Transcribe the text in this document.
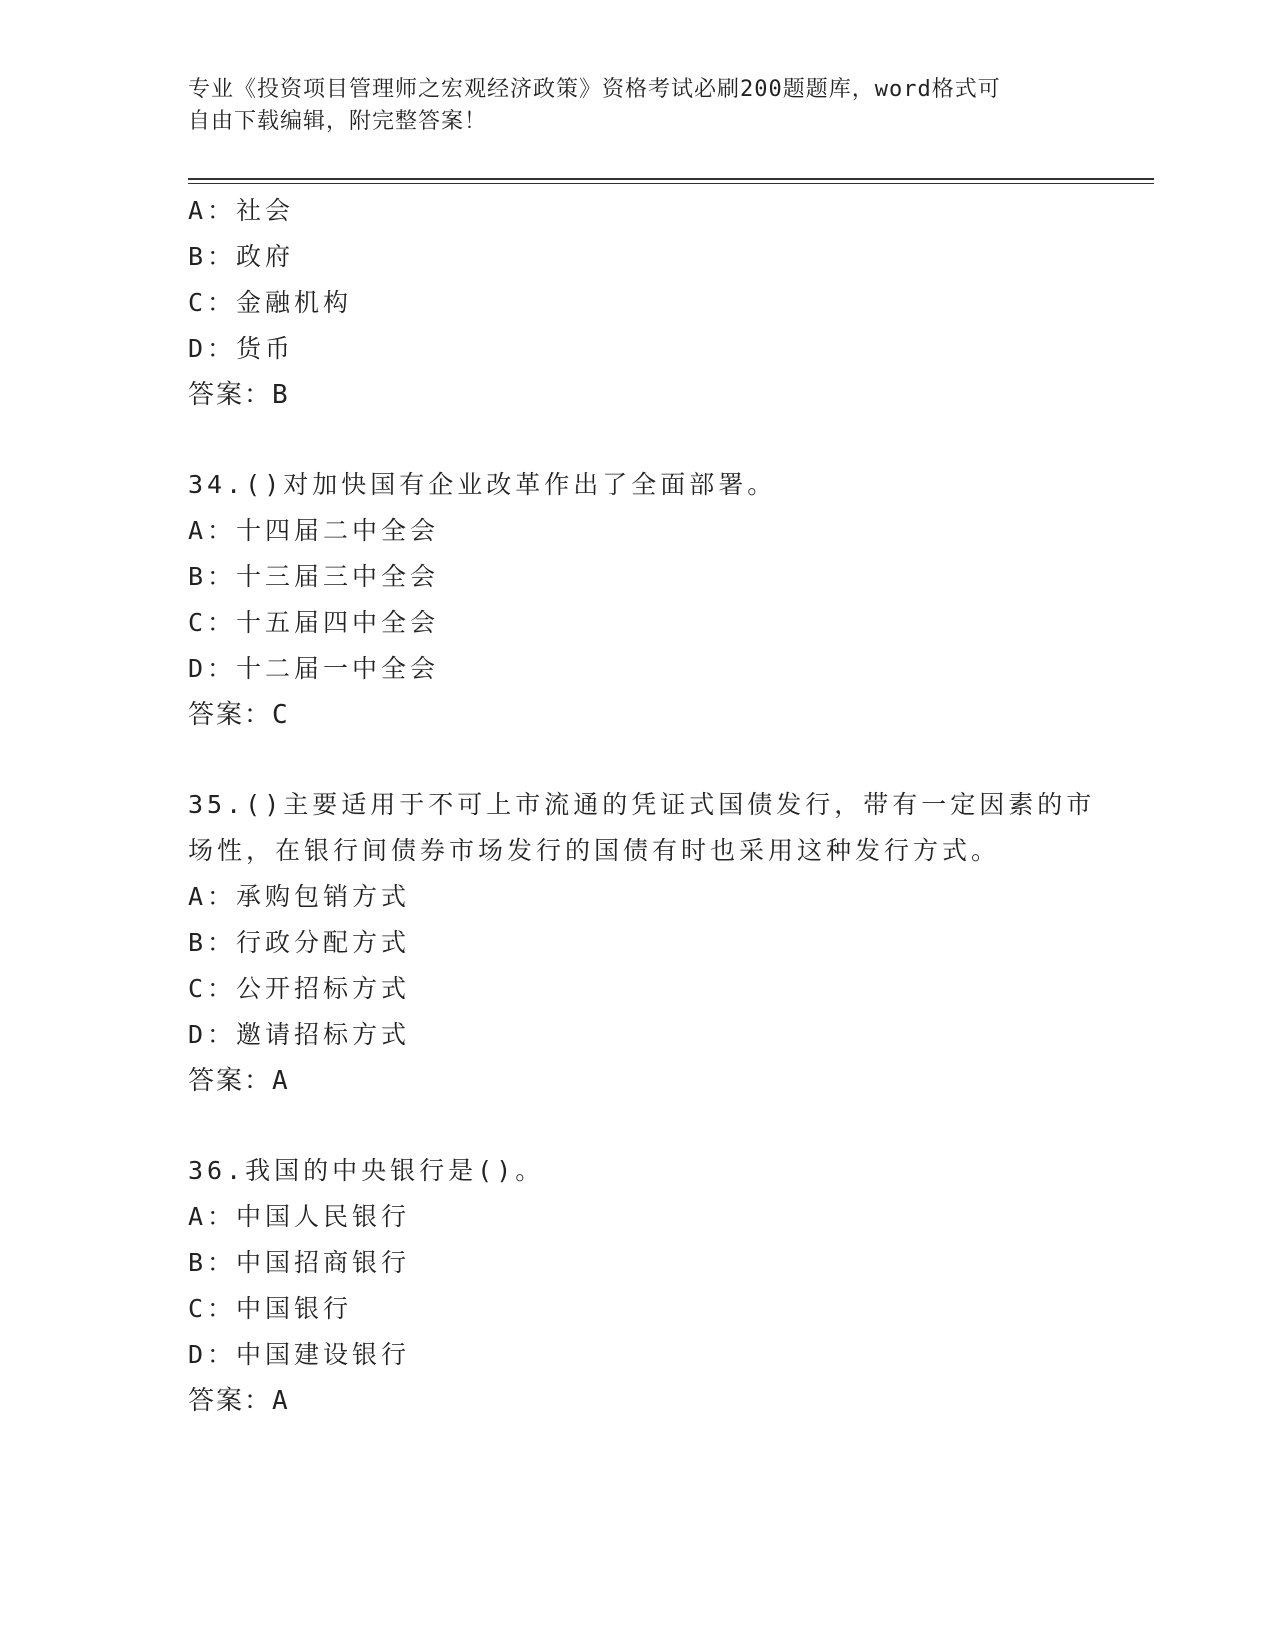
专业《投资项目管理师之宏观经济政策》资格考试必刷200题题库，word格式可
自由下载编辑，附完整答案！
A：社会
B：政府
C：金融机构
D：货币
答案：B
34.()对加快国有企业改革作出了全面部署。
A：十四届二中全会
B：十三届三中全会
C：十五届四中全会
D：十二届一中全会
答案：C
35.()主要适用于不可上市流通的凭证式国债发行，带有一定因素的市
场性，在银行间债券市场发行的国债有时也采用这种发行方式。
A：承购包销方式
B：行政分配方式
C：公开招标方式
D：邀请招标方式
答案：A
36.我国的中央银行是()。
A：中国人民银行
B：中国招商银行
C：中国银行
D：中国建设银行
答案：A
